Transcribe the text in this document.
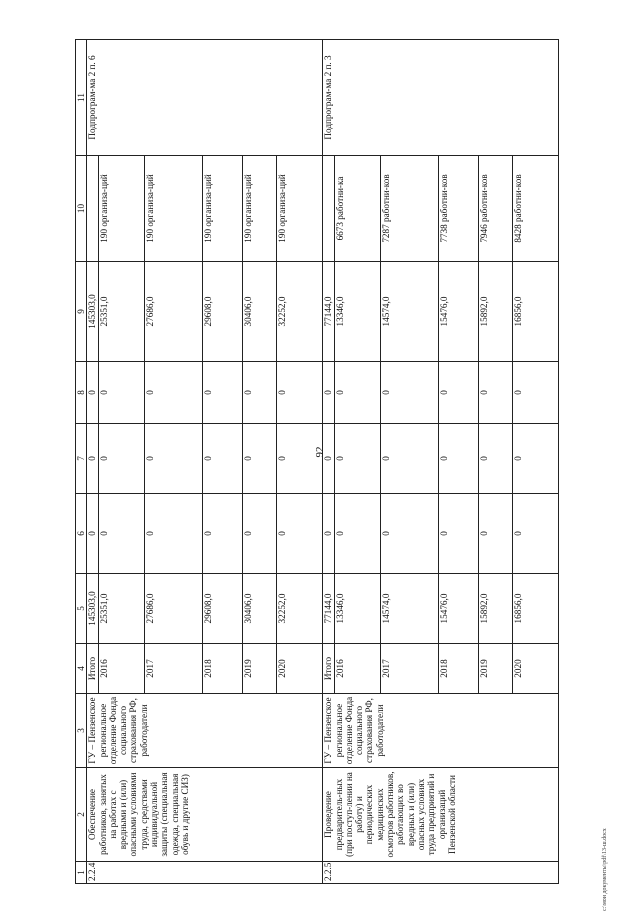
92
1	2	3	4	5	6	7	8	9	10	11
2.2.4	Обеспечение работников, занятых на работах с вредными и (или) опасными условиями труда, средствами индивидуальной защиты (специальная одежда, специальная обувь и другие СИЗ)	ГУ – Пензенское региональное отделение Фонда социального страхования РФ, работодатели	Итого	145303,0	0	0	0	145303,0		Подпрограм-ма 2 п. 6
			2016	25351,0	0	0	0	25351,0	190 организа-ций	
			2017	27686,0	0	0	0	27686,0	190 организа-ций	
			2018	29608,0	0	0	0	29608,0	190 организа-ций	
			2019	30406,0	0	0	0	30406,0	190 организа-ций	
			2020	32252,0	0	0	0	32252,0	190 организа-ций	
2.2.5	Проведение предваритель-ных (при поступ-лении на работу) и периодических медицинских осмотров работников, работающих во вредных и (или) опасных условиях труда предприятий и организаций Пензенской области	ГУ – Пензенское региональное отделение Фонда социального страхования РФ, работодатели	Итого	77144,0	0	0	0	77144,0		Подпрограм-ма 2 п. 3
			2016	13346,0	0	0	0	13346,0	6673 работни-ка	
			2017	14574,0	0	0	0	14574,0	7287 работни-ков	
			2018	15476,0	0	0	0	15476,0	7738 работни-ков	
			2019	15892,0	0	0	0	15892,0	7946 работни-ков	
			2020	16856,0	0	0	0	16856,0	8428 работни-ков	
c:\мои документы\pdf\13-ш.docx
